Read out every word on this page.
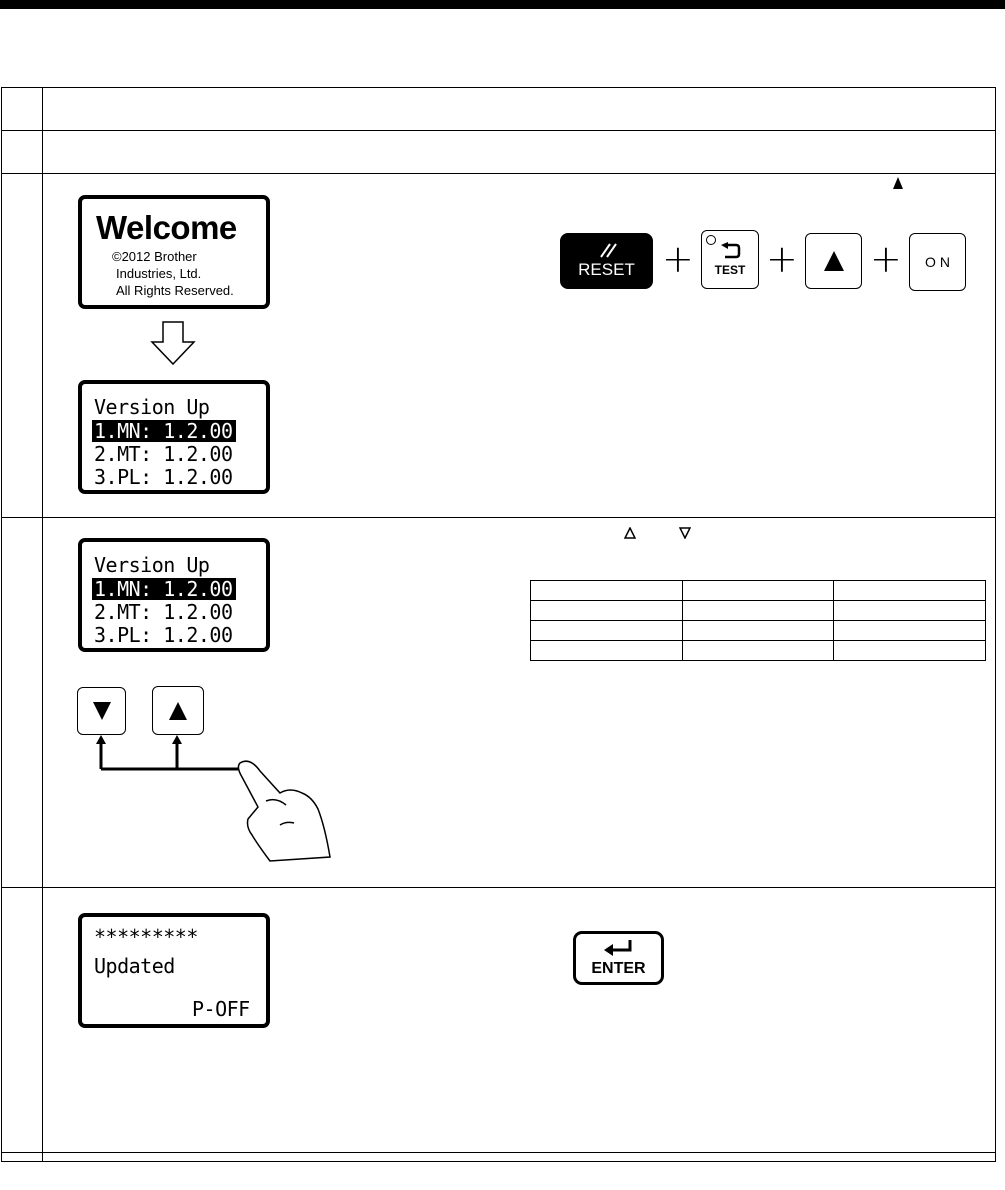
Welcome
©2012 Brother
Industries, Ltd.
All Rights Reserved.
Version Up
1.MN: 1.2.00
2.MT: 1.2.00
3.PL: 1.2.00
RESET + TEST + +	O N
Version Up
1.MN: 1.2.00
2.MT: 1.2.00
3.PL: 1.2.00

*********
Updated
P-OFF
ENTER
